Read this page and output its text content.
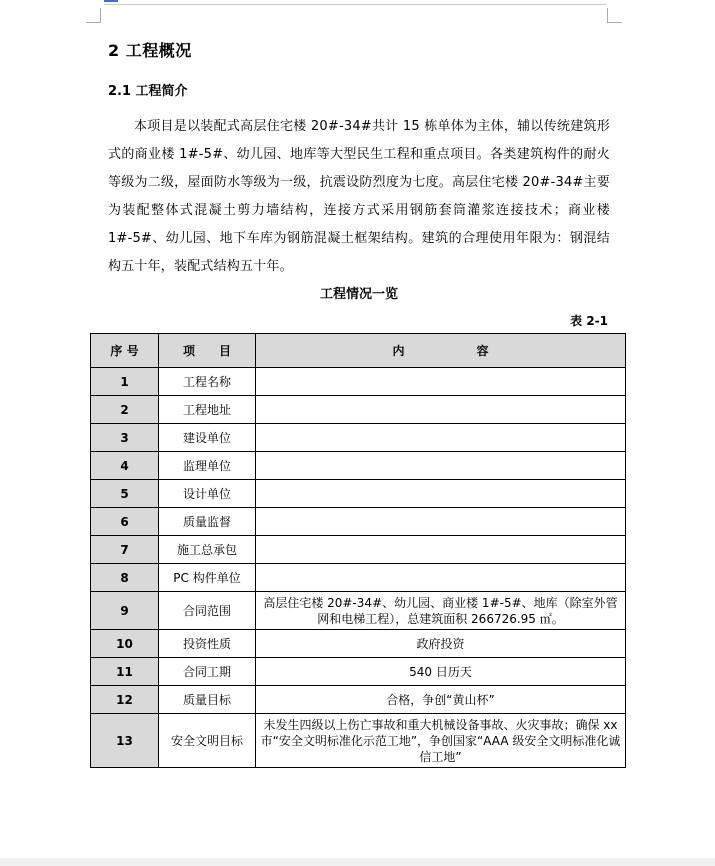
2 工程概况
2.1 工程简介
本项目是以装配式高层住宅楼 20#-34#共计 15 栋单体为主体，辅以传统建筑形式的商业楼 1#-5#、幼儿园、地库等大型民生工程和重点项目。各类建筑构件的耐火等级为二级，屋面防水等级为一级，抗震设防烈度为七度。高层住宅楼 20#-34#主要为装配整体式混凝土剪力墙结构，连接方式采用钢筋套筒灌浆连接技术；商业楼 1#-5#、幼儿园、地下车库为钢筋混凝土框架结构。建筑的合理使用年限为：钢混结构五十年，装配式结构五十年。
工程情况一览
表 2-1
序 号	项　　目	内　　　　　　容
1	工程名称	
2	工程地址	
3	建设单位	
4	监理单位	
5	设计单位	
6	质量监督	
7	施工总承包	
8	PC 构件单位	
9	合同范围	高层住宅楼 20#-34#、幼儿园、商业楼 1#-5#、地库（除室外管网和电梯工程），总建筑面积 266726.95 ㎡。
10	投资性质	政府投资
11	合同工期	540 日历天
12	质量目标	合格，争创“黄山杯”
13	安全文明目标	未发生四级以上伤亡事故和重大机械设备事故、火灾事故；确保 xx 市“安全文明标准化示范工地”，争创国家“AAA 级安全文明标准化诚信工地”
